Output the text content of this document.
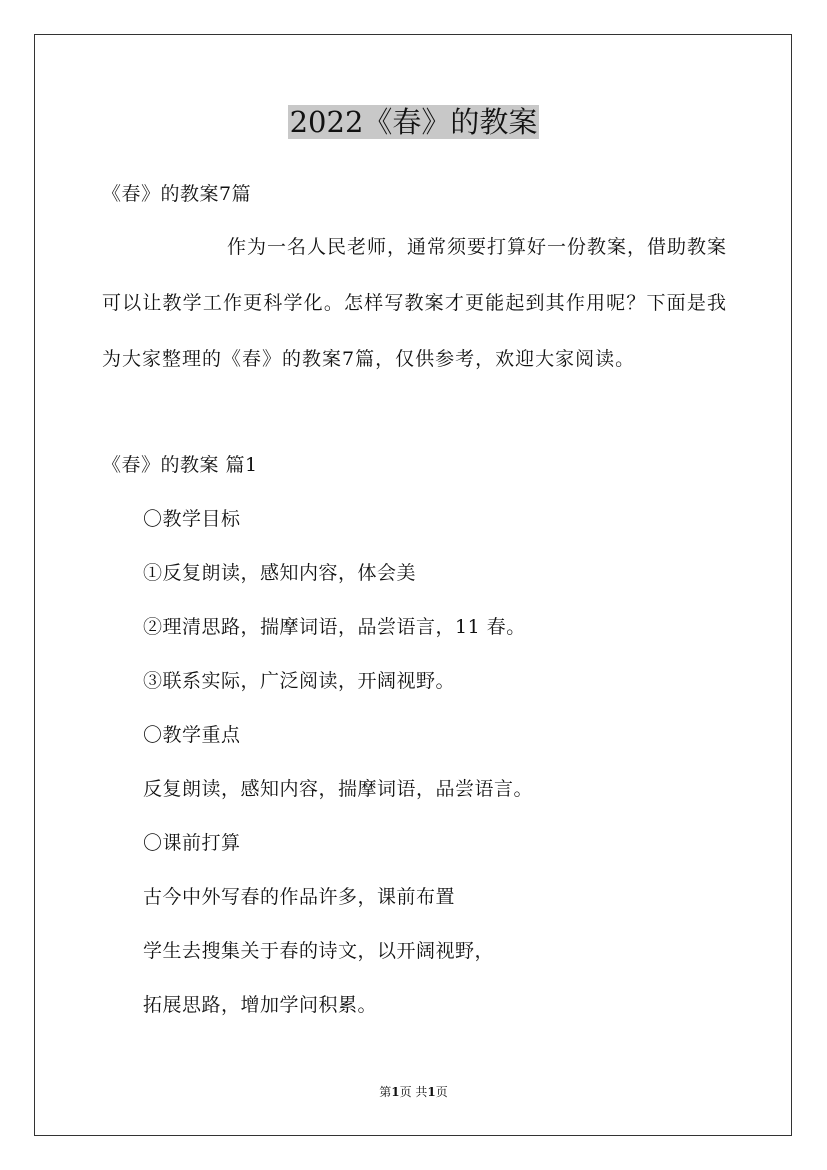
2022《春》的教案
《春》的教案7篇
作为一名人民老师，通常须要打算好一份教案，借助教案可以让教学工作更科学化。怎样写教案才更能起到其作用呢？下面是我为大家整理的《春》的教案7篇，仅供参考，欢迎大家阅读。
《春》的教案 篇1
〇教学目标
①反复朗读，感知内容，体会美
②理清思路，揣摩词语，品尝语言，11 春。
③联系实际，广泛阅读，开阔视野。
〇教学重点
反复朗读，感知内容，揣摩词语，品尝语言。
〇课前打算
古今中外写春的作品许多，课前布置
学生去搜集关于春的诗文，以开阔视野，
拓展思路，增加学问积累。
第1页 共1页
